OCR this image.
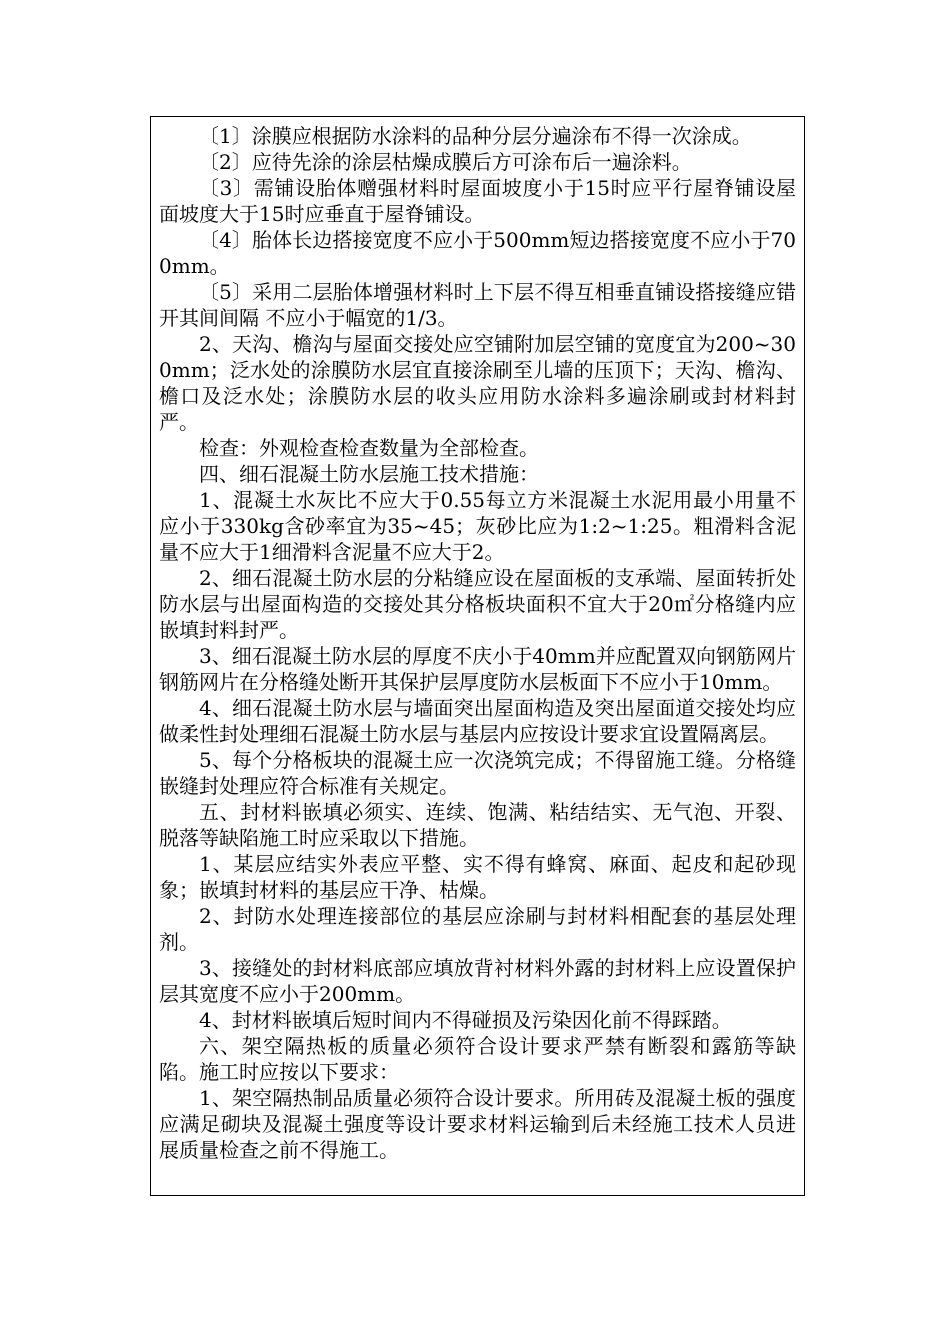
〔1〕涂膜应根据防水涂料的品种分层分遍涂布不得一次涂成。

〔2〕应待先涂的涂层枯燥成膜后方可涂布后一遍涂料。

〔3〕需铺设胎体赠强材料时屋面坡度小于15时应平行屋脊铺设屋面坡度大于15时应垂直于屋脊铺设。

〔4〕胎体长边搭接宽度不应小于500mm短边搭接宽度不应小于700mm。

〔5〕采用二层胎体增强材料时上下层不得互相垂直铺设搭接缝应错开其间间隔 不应小于幅宽的1/3。

2、天沟、檐沟与屋面交接处应空铺附加层空铺的宽度宜为200~300mm；泛水处的涂膜防水层宜直接涂刷至儿墙的压顶下；天沟、檐沟、檐口及泛水处；涂膜防水层的收头应用防水涂料多遍涂刷或封材料封严。

检查：外观检查检查数量为全部检查。

四、细石混凝土防水层施工技术措施：

1、混凝土水灰比不应大于0.55每立方米混凝土水泥用最小用量不应小于330kg含砂率宜为35~45；灰砂比应为1:2~1:25。粗滑料含泥量不应大于1细滑料含泥量不应大于2。

2、细石混凝土防水层的分粘缝应设在屋面板的支承端、屋面转折处防水层与出屋面构造的交接处其分格板块面积不宜大于20㎡分格缝内应嵌填封料封严。

3、细石混凝土防水层的厚度不庆小于40mm并应配置双向钢筋网片钢筋网片在分格缝处断开其保护层厚度防水层板面下不应小于10mm。

4、细石混凝土防水层与墙面突出屋面构造及突出屋面道交接处均应做柔性封处理细石混凝土防水层与基层内应按设计要求宜设置隔离层。

5、每个分格板块的混凝土应一次浇筑完成；不得留施工缝。分格缝嵌缝封处理应符合标准有关规定。

五、封材料嵌填必须实、连续、饱满、粘结结实、无气泡、开裂、脱落等缺陷施工时应采取以下措施。

1、某层应结实外表应平整、实不得有蜂窝、麻面、起皮和起砂现象；嵌填封材料的基层应干净、枯燥。

2、封防水处理连接部位的基层应涂刷与封材料相配套的基层处理剂。

3、接缝处的封材料底部应填放背衬材料外露的封材料上应设置保护层其宽度不应小于200mm。

4、封材料嵌填后短时间内不得碰损及污染因化前不得踩踏。

六、架空隔热板的质量必须符合设计要求严禁有断裂和露筋等缺陷。施工时应按以下要求：

1、架空隔热制品质量必须符合设计要求。所用砖及混凝土板的强度应满足砌块及混凝土强度等设计要求材料运输到后未经施工技术人员进展质量检查之前不得施工。
